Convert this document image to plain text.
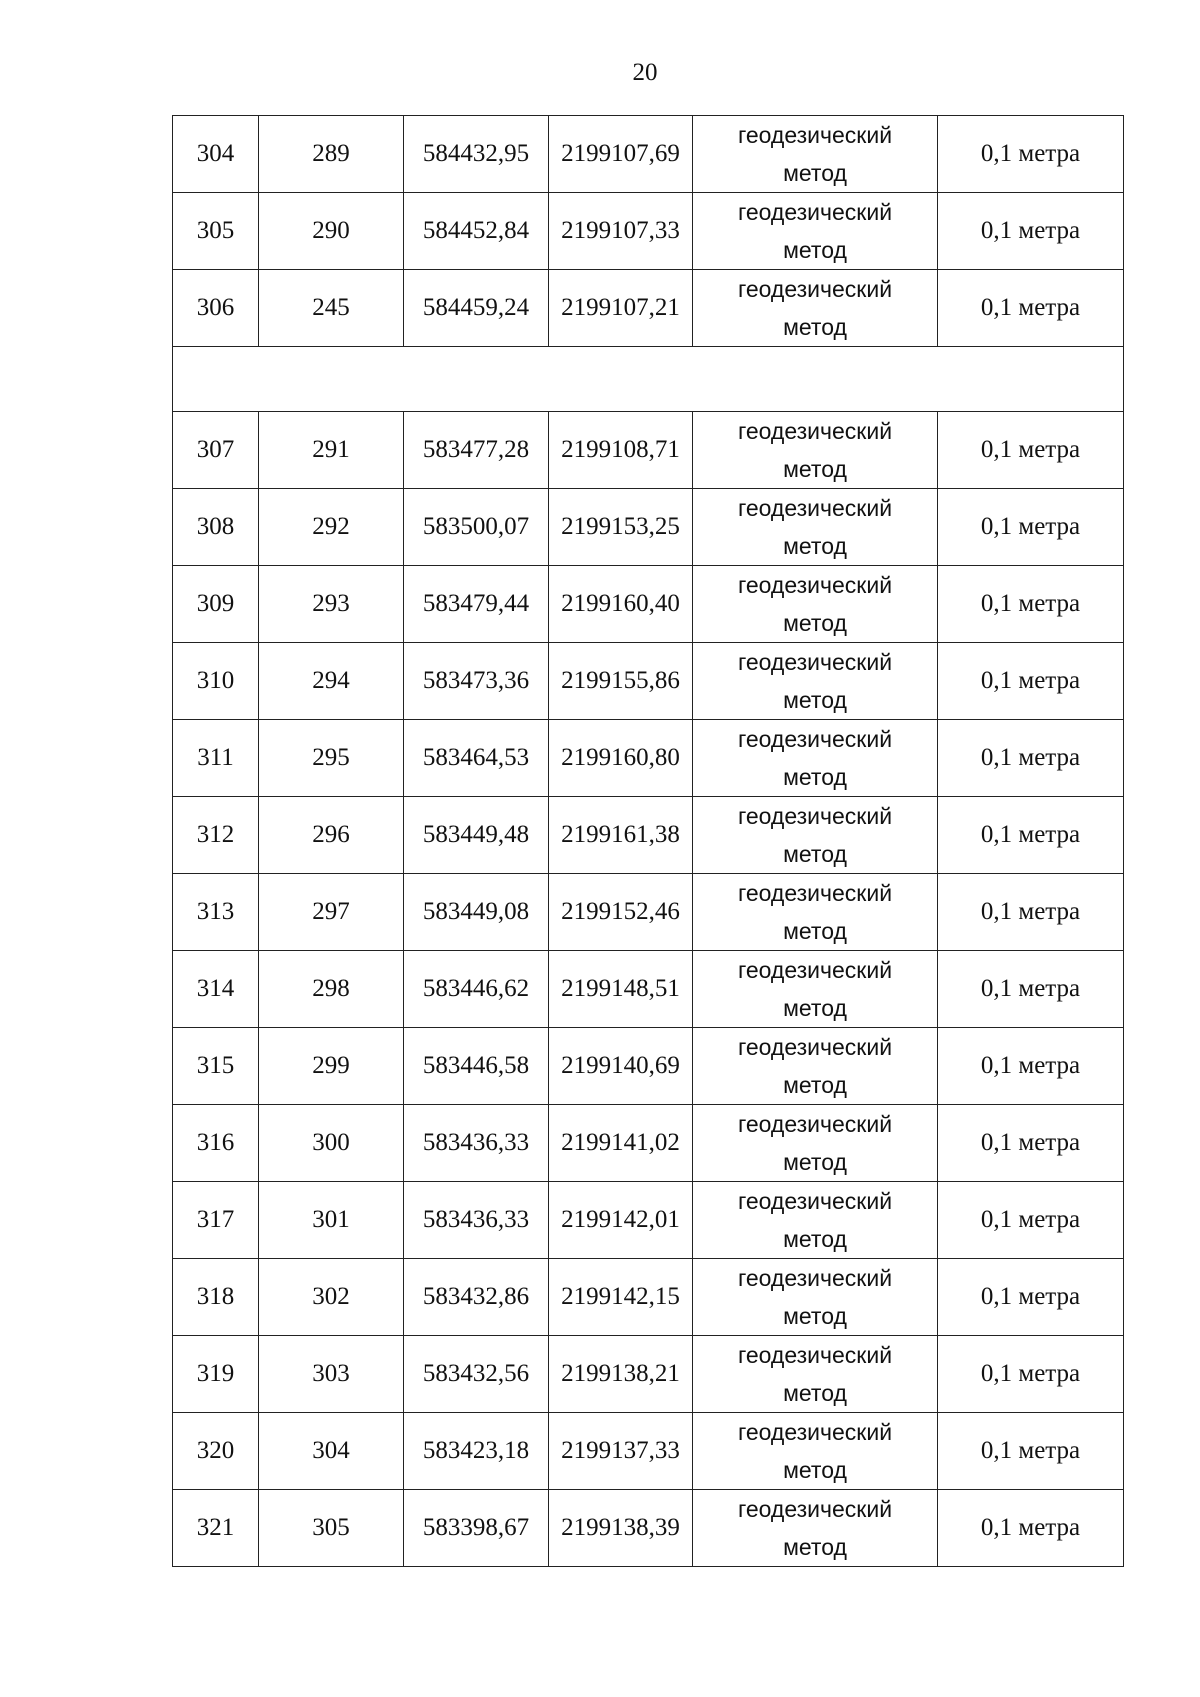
20
304	289	584432,95	2199107,69	геодезический
метод	0,1 метра
305	290	584452,84	2199107,33	геодезический
метод	0,1 метра
306	245	584459,24	2199107,21	геодезический
метод	0,1 метра

307	291	583477,28	2199108,71	геодезический
метод	0,1 метра
308	292	583500,07	2199153,25	геодезический
метод	0,1 метра
309	293	583479,44	2199160,40	геодезический
метод	0,1 метра
310	294	583473,36	2199155,86	геодезический
метод	0,1 метра
311	295	583464,53	2199160,80	геодезический
метод	0,1 метра
312	296	583449,48	2199161,38	геодезический
метод	0,1 метра
313	297	583449,08	2199152,46	геодезический
метод	0,1 метра
314	298	583446,62	2199148,51	геодезический
метод	0,1 метра
315	299	583446,58	2199140,69	геодезический
метод	0,1 метра
316	300	583436,33	2199141,02	геодезический
метод	0,1 метра
317	301	583436,33	2199142,01	геодезический
метод	0,1 метра
318	302	583432,86	2199142,15	геодезический
метод	0,1 метра
319	303	583432,56	2199138,21	геодезический
метод	0,1 метра
320	304	583423,18	2199137,33	геодезический
метод	0,1 метра
321	305	583398,67	2199138,39	геодезический
метод	0,1 метра
